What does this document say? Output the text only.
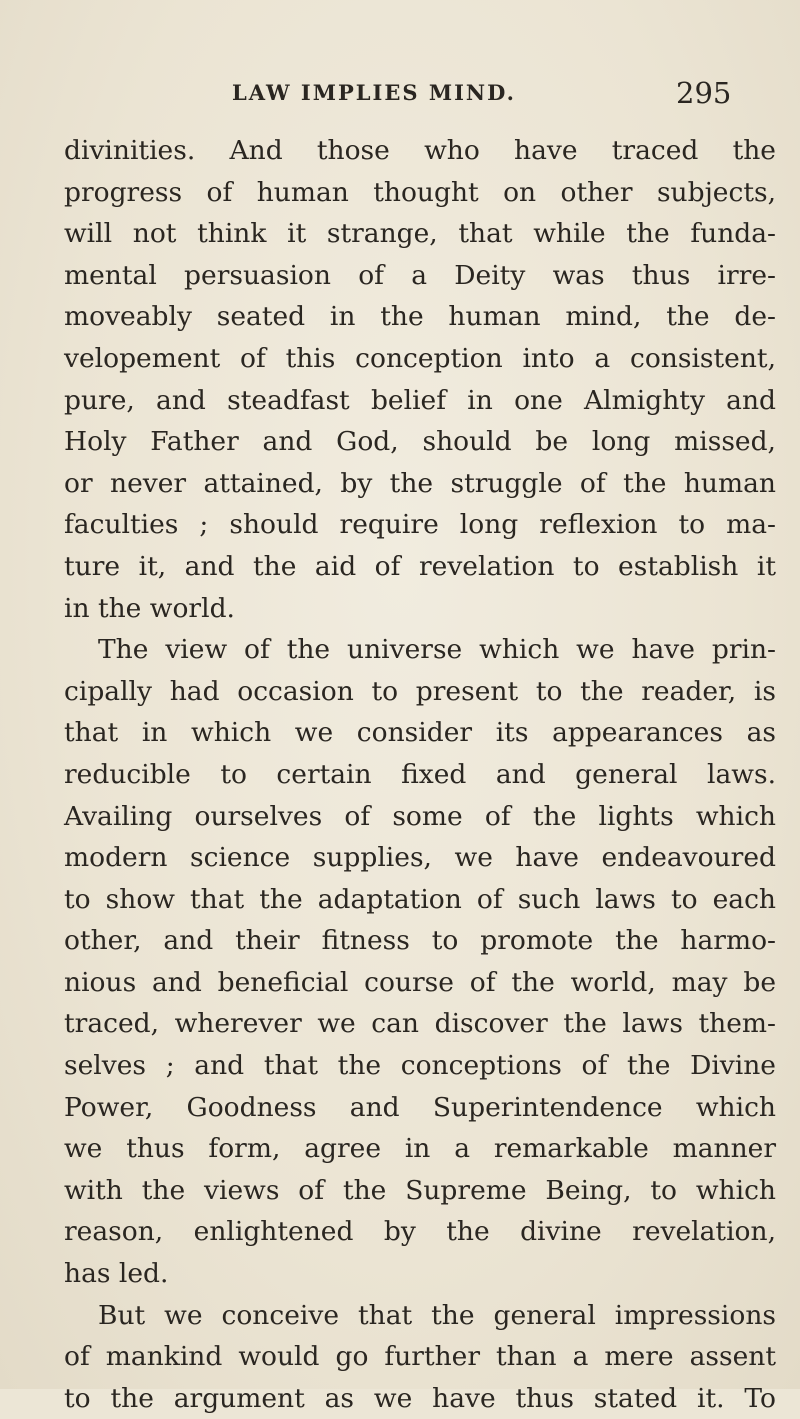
LAW IMPLIES MIND.	295
divinities. And those who have traced the
progress of human thought on other subjects,
will not think it strange, that while the funda-
mental persuasion of a Deity was thus irre-
moveably seated in the human mind, the de-
velopement of this conception into a consistent,
pure, and steadfast belief in one Almighty and
Holy Father and God, should be long missed,
or never attained, by the struggle of the human
faculties ; should require long reflexion to ma-
ture it, and the aid of revelation to establish it
in the world.
The view of the universe which we have prin-
cipally had occasion to present to the reader, is
that in which we consider its appearances as
reducible to certain fixed and general laws.
Availing ourselves of some of the lights which
modern science supplies, we have endeavoured
to show that the adaptation of such laws to each
other, and their fitness to promote the harmo-
nious and beneficial course of the world, may be
traced, wherever we can discover the laws them-
selves ; and that the conceptions of the Divine
Power, Goodness and Superintendence which
we thus form, agree in a remarkable manner
with the views of the Supreme Being, to which
reason, enlightened by the divine revelation,
has led.
But we conceive that the general impressions
of mankind would go further than a mere assent
to the argument as we have thus stated it. To
